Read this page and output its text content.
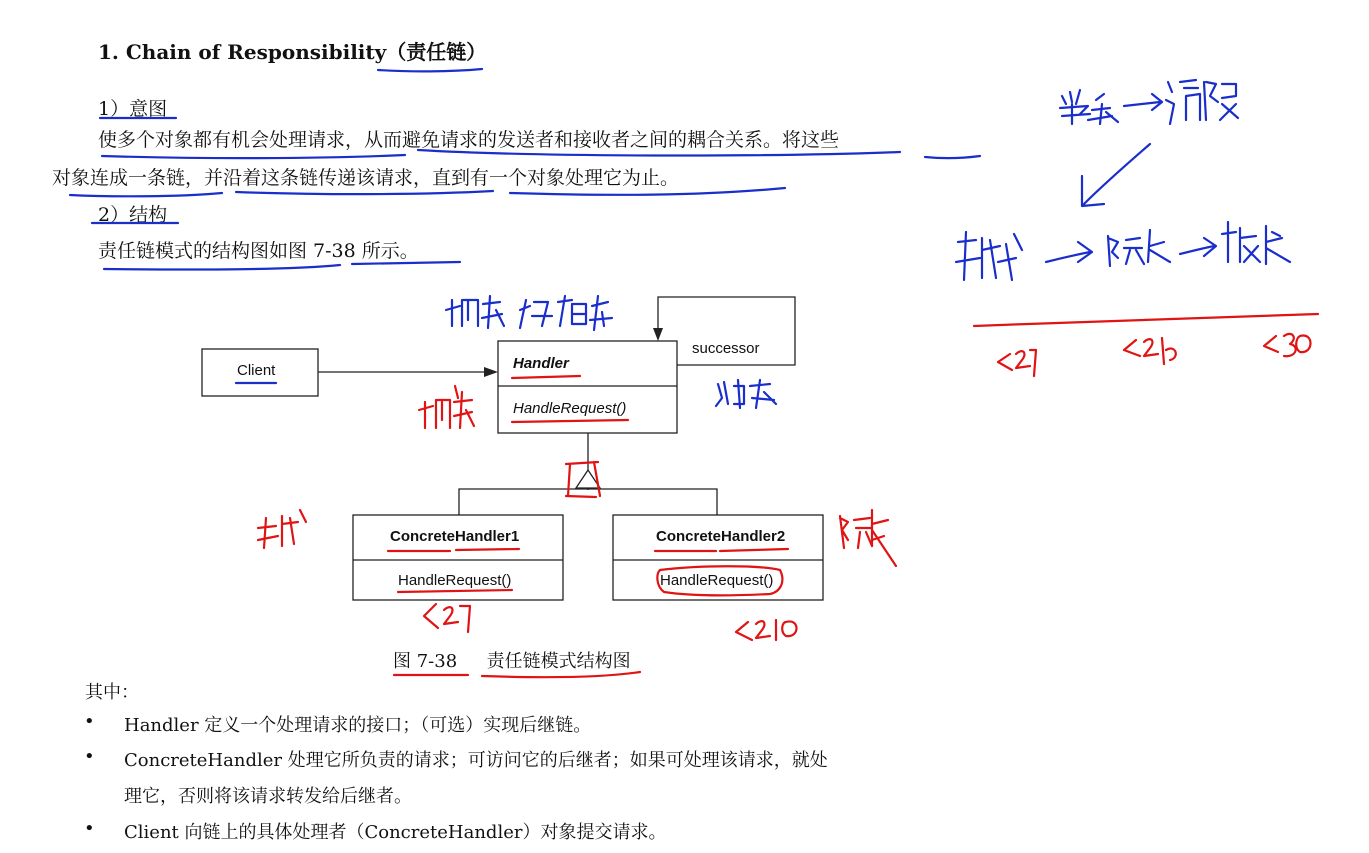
1. Chain of Responsibility（责任链）
1）意图
使多个对象都有机会处理请求，从而避免请求的发送者和接收者之间的耦合关系。将这些
对象连成一条链，并沿着这条链传递该请求，直到有一个对象处理它为止。
2）结构
责任链模式的结构图如图 7-38 所示。
Client	Handler
HandleRequest()
successor
ConcreteHandler1
HandleRequest()
ConcreteHandler2
HandleRequest()
图 7-38 责任链模式结构图
其中：
• Handler 定义一个处理请求的接口；（可选）实现后继链。
• ConcreteHandler 处理它所负责的请求；可访问它的后继者；如果可处理该请求，就处
理它，否则将该请求转发给后继者。
• Client 向链上的具体处理者（ConcreteHandler）对象提交请求。
